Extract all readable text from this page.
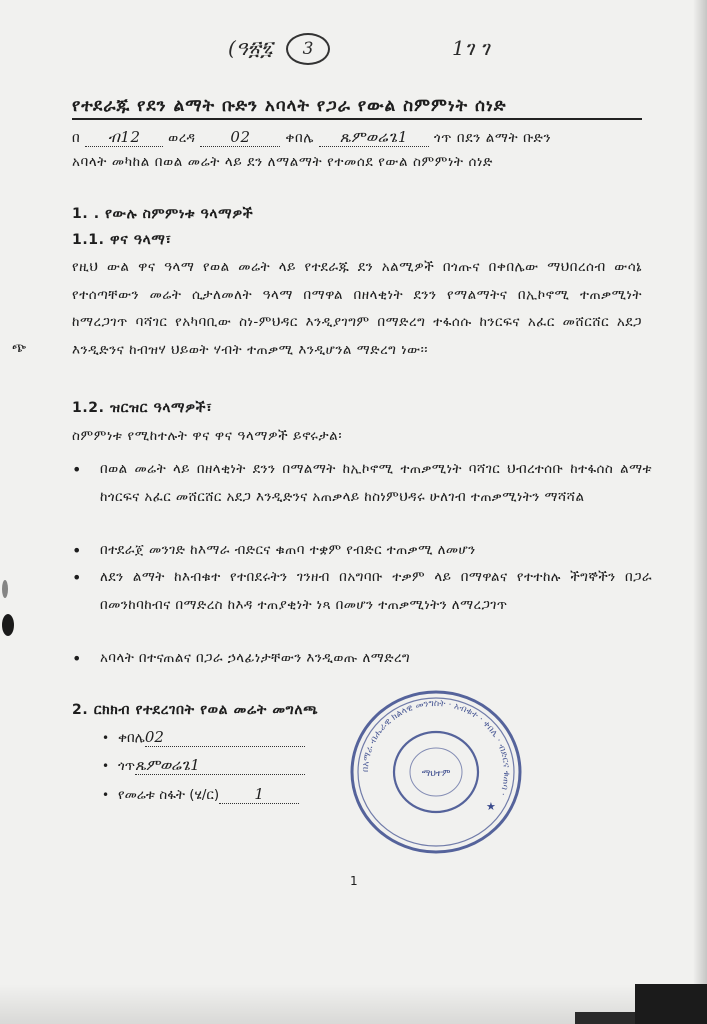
(ዓ፳፯	3	1ገ ገ
የተደራጁ የደን ልማት ቡድን አባላት የጋራ የውል ስምምነት ሰነድ
በ ብ12 ወረዳ 02	ቀበሌ ጼምወሬጌ1 ጎጥ በደን ልማት ቡድን
አባላት መካከል በወል መሬት ላይ ደን ለማልማት የተመሰደ የውል ስምምነት ሰነድ
1. . የውሉ ስምምነቱ ዓላማዎች
1.1. ዋና ዓላማ፣
የዚህ ውል ዋና ዓላማ የወል መሬት ላይ የተደራጁ ደን አልሚዎች በጎጡና በቀበሌው ማህበረሰብ ውሳኔ የተሰጣቸውን መሬት ሲታለመለት ዓላማ በማዋል በዘላቂነት ደንን የማልማትና በኢኮኖሚ ተጠቃሚነት ከማረጋገጥ ባሻገር የአካባቢው ስነ-ምህዳር እንዲያገግም በማድረግ ተፋሰሱ ከንርፍና አፈር መሸርሸር አደጋ እንዲድንና ከብዝሃ ህይወት ሃብት ተጠቃሚ እንዲሆንል ማድረግ ነው፡፡
1.2. ዝርዝር ዓላማዎች፣
ስምምነቱ የሚከተሉት ዋና ዋና ዓላማዎች ይኖሩታል፡
• በወል መሬት ላይ በዘላቂነት ደንን በማልማት ከኢኮኖሚ ተጠቃሚነት ባሻገር ህብረተሰቡ ከተፋሰስ ልማቱ ከጎርፍና አፈር መሸርሸር አደጋ እንዲድንና አጠቃላይ ከስነምህዳሩ ሁለገብ ተጠቃሚነትን ማሻሻል
• በተደራጀ መንገድ ከእማራ ብድርና ቁጠባ ተቋም የብድር ተጠቃሚ ለመሆን
• ለደን ልማት ከእብቁተ የተበደሩትን ገንዘብ በአግባቡ ተቃም ላይ በማዋልና የተተከሉ ችግኞችን በጋራ በመንከባከብና በማድረስ ከእዳ ተጠያቂነት ነጻ በመሆን ተጠቃሚነትን ለማረጋገጥ
• አባላት በተናጠልና በጋራ ኃላፊነታቸውን እንዲወጡ ለማድረግ
2. ርክክብ የተደረገበት የወል መሬት መግለጫ
• ቀበሌ02
• ጎጥጼምወሬጌ1
• የመሬቱ ስፋት (ሄ/ር) 1
በአማራ ብሔራዊ ክልላዊ መንግስት · አብቁተ · ቀበሌ · ብድርና ቁጠባ ·
ማህተም
★
1
ጭ
